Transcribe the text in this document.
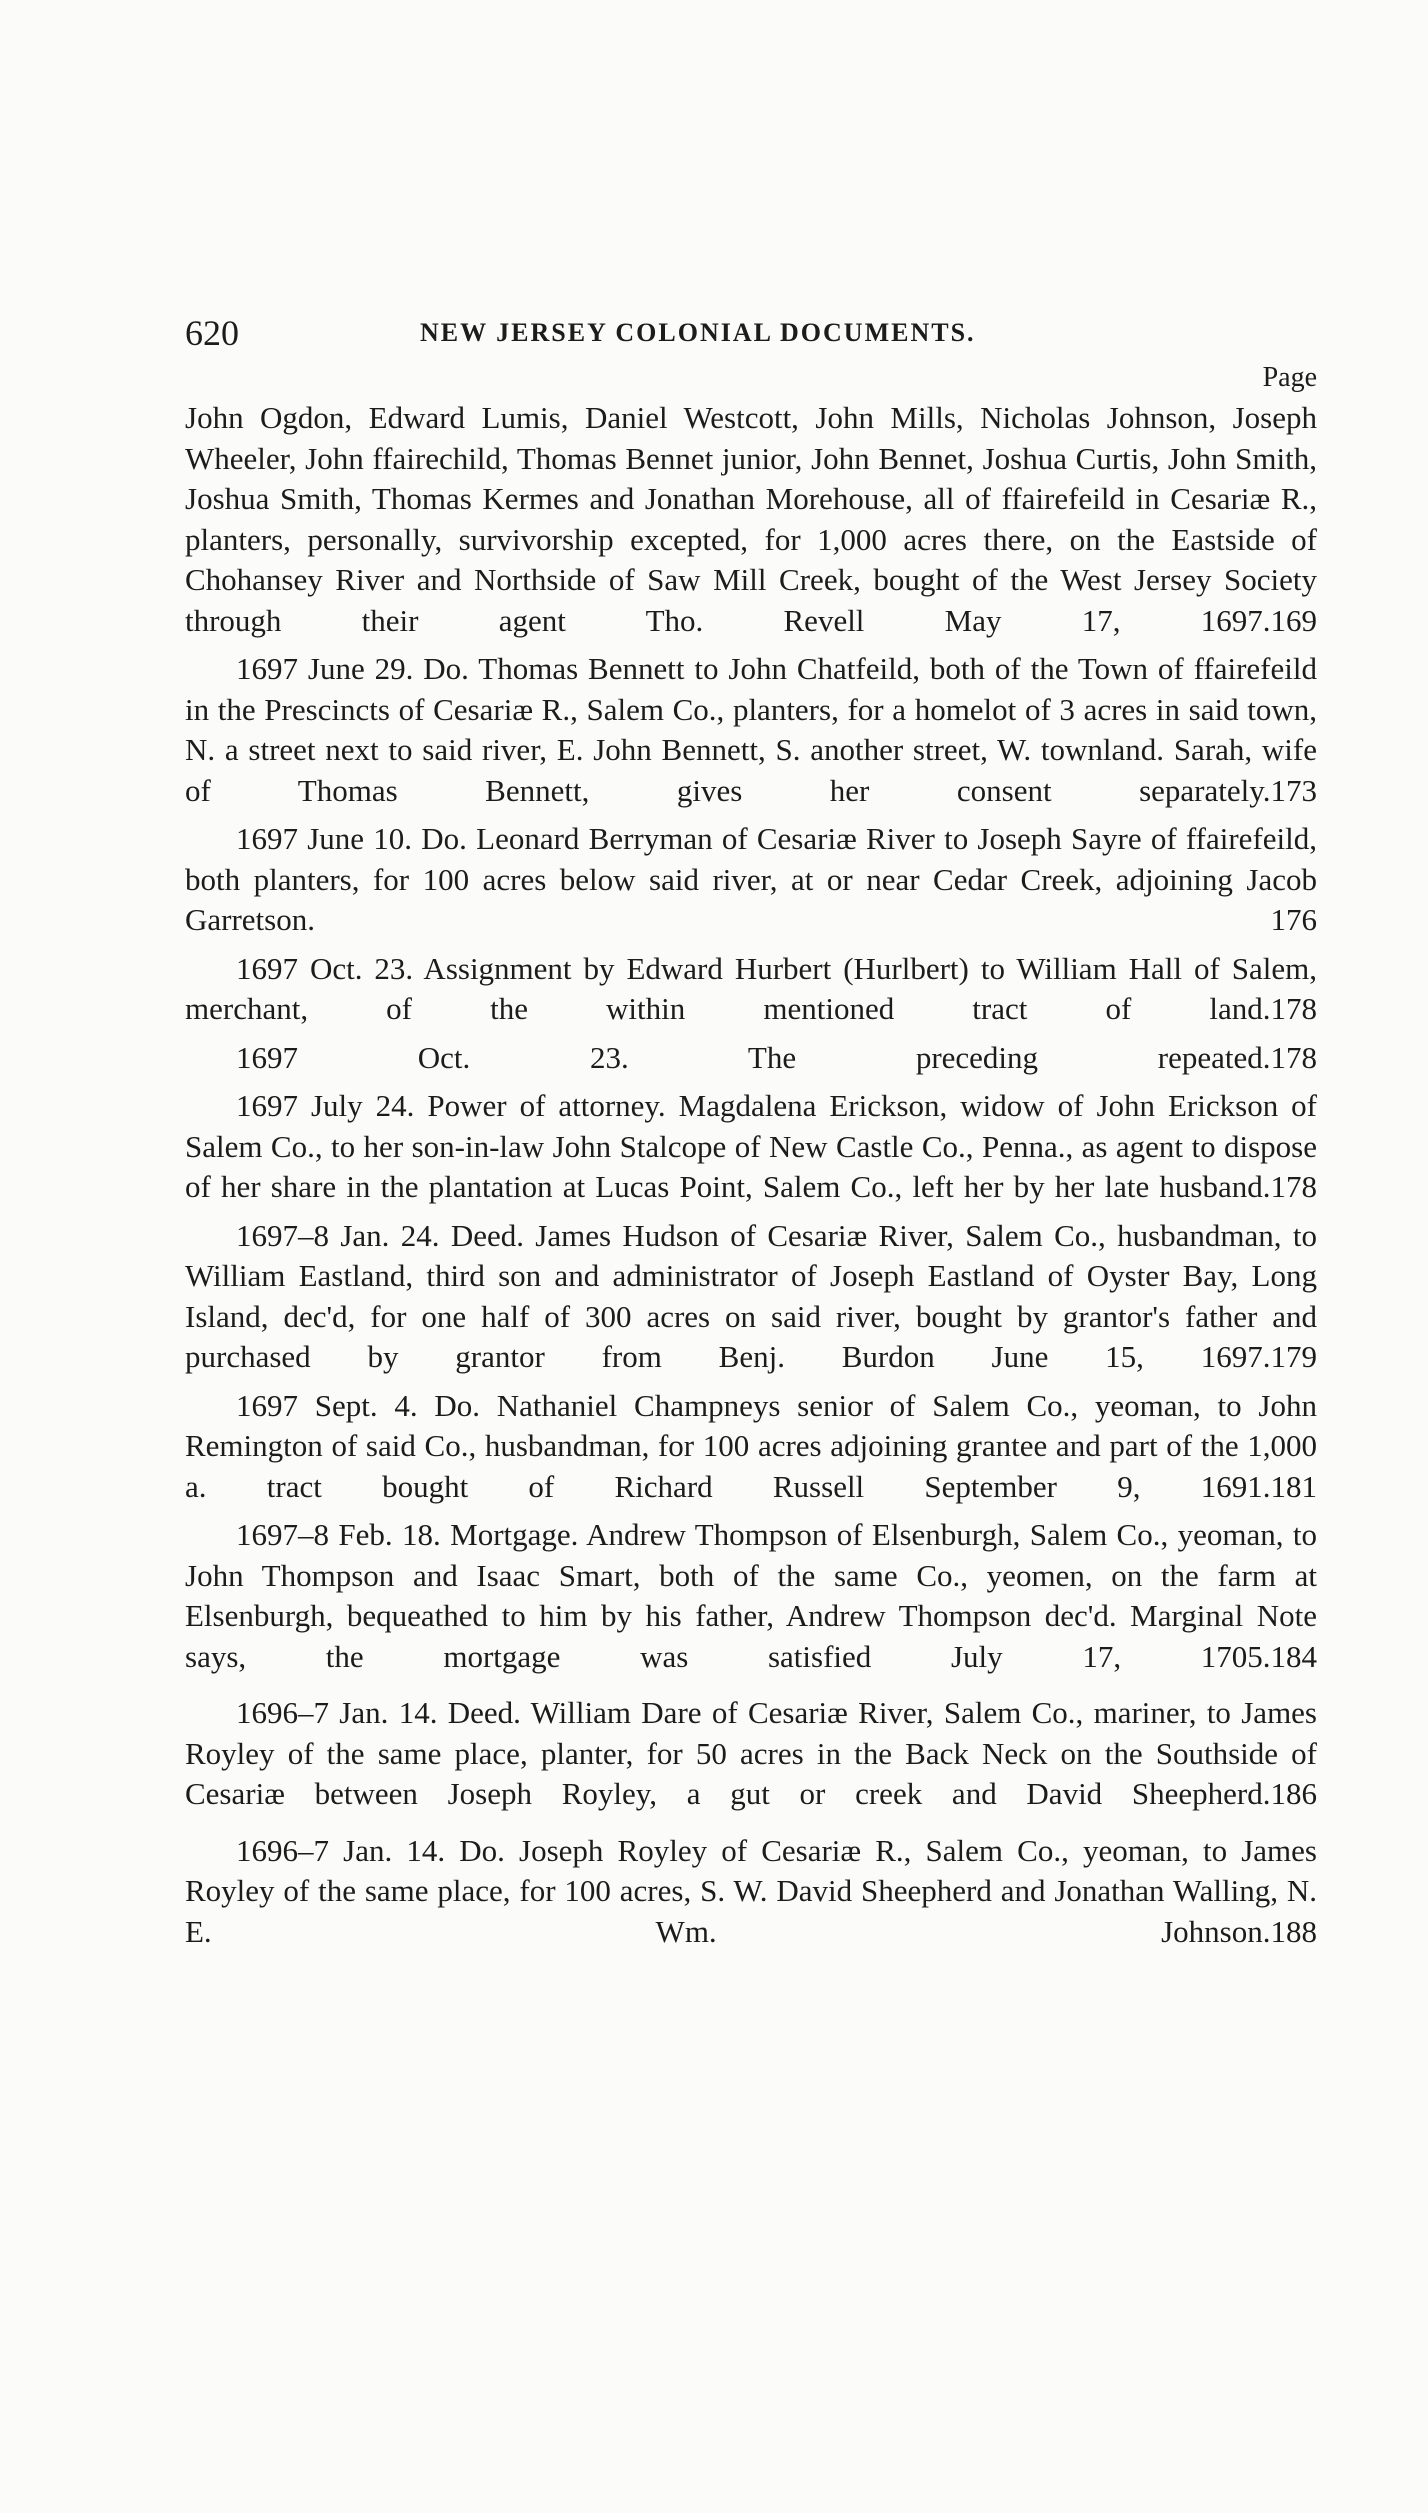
620	NEW JERSEY COLONIAL DOCUMENTS.
Page

John Ogdon, Edward Lumis, Daniel Westcott, John Mills, Nicholas Johnson, Joseph Wheeler, John ffairechild, Thomas Bennet junior, John Bennet, Joshua Curtis, John Smith, Joshua Smith, Thomas Kermes and Jonathan Morehouse, all of ffairefeild in Cesariæ R., planters, personally, survivorship excepted, for 1,000 acres there, on the Eastside of Chohansey River and Northside of Saw Mill Creek, bought of the West Jersey Society through their agent Tho. Revell May 17, 1697. 169

1697 June 29. Do. Thomas Bennett to John Chatfeild, both of the Town of ffairefeild in the Prescincts of Cesariæ R., Salem Co., planters, for a homelot of 3 acres in said town, N. a street next to said river, E. John Bennett, S. another street, W. townland. Sarah, wife of Thomas Bennett, gives her consent separately. 173

1697 June 10. Do. Leonard Berryman of Cesariæ River to Joseph Sayre of ffairefeild, both planters, for 100 acres below said river, at or near Cedar Creek, adjoining Jacob Garretson.	176

1697 Oct. 23. Assignment by Edward Hurbert (Hurlbert) to William Hall of Salem, merchant, of the within mentioned tract of land. 178

1697 Oct. 23. The preceding repeated. 178

1697 July 24. Power of attorney. Magdalena Erickson, widow of John Erickson of Salem Co., to her son-in-law John Stalcope of New Castle Co., Penna., as agent to dispose of her share in the plantation at Lucas Point, Salem Co., left her by her late husband. 178

1697–8 Jan. 24. Deed. James Hudson of Cesariæ River, Salem Co., husbandman, to William Eastland, third son and administrator of Joseph Eastland of Oyster Bay, Long Island, dec'd, for one half of 300 acres on said river, bought by grantor's father and purchased by grantor from Benj. Burdon June 15, 1697. 179

1697 Sept. 4. Do. Nathaniel Champneys senior of Salem Co., yeoman, to John Remington of said Co., husbandman, for 100 acres adjoining grantee and part of the 1,000 a. tract bought of Richard Russell September 9, 1691. 181

1697–8 Feb. 18. Mortgage. Andrew Thompson of Elsenburgh, Salem Co., yeoman, to John Thompson and Isaac Smart, both of the same Co., yeomen, on the farm at Elsenburgh, bequeathed to him by his father, Andrew Thompson dec'd. Marginal Note says, the mortgage was satisfied July 17, 1705. 184

1696–7 Jan. 14. Deed. William Dare of Cesariæ River, Salem Co., mariner, to James Royley of the same place, planter, for 50 acres in the Back Neck on the Southside of Cesariæ between Joseph Royley, a gut or creek and David Sheepherd. 186

1696–7 Jan. 14. Do. Joseph Royley of Cesariæ R., Salem Co., yeoman, to James Royley of the same place, for 100 acres, S. W. David Sheepherd and Jonathan Walling, N. E. Wm. Johnson. 188
